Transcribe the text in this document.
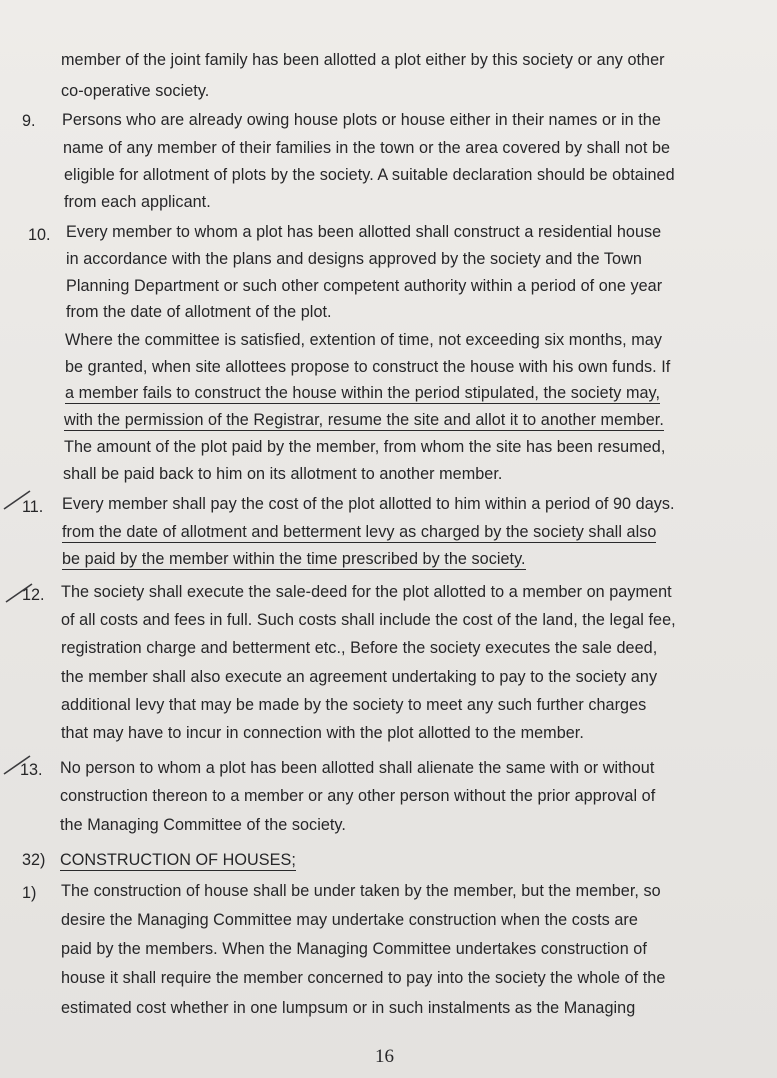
member of the joint family has been allotted a plot either by this society or any other
co-operative society.
9. Persons who are already owing house plots or house either in their names or in the
name of any member of their families in the town or the area covered by shall not be
eligible for allotment of plots by the society. A suitable declaration should be obtained
from each applicant.
10. Every member to whom a plot has been allotted shall construct a residential house
in accordance with the plans and designs approved by the society and the Town
Planning Department or such other competent authority within a period of one year
from the date of allotment of the plot.
Where the committee is satisfied, extention of time, not exceeding six months, may
be granted, when site allottees propose to construct the house with his own funds. If
a member fails to construct the house within the period stipulated, the society may,
with the permission of the Registrar, resume the site and allot it to another member.
The amount of the plot paid by the member, from whom the site has been resumed,
shall be paid back to him on its allotment to another member.
11. Every member shall pay the cost of the plot allotted to him within a period of 90 days.
from the date of allotment and betterment levy as charged by the society shall also
be paid by the member within the time prescribed by the society.
12. The society shall execute the sale-deed for the plot allotted to a member on payment
of all costs and fees in full. Such costs shall include the cost of the land, the legal fee,
registration charge and betterment etc., Before the society executes the sale deed,
the member shall also execute an agreement undertaking to pay to the society any
additional levy that may be made by the society to meet any such further charges
that may have to incur in connection with the plot allotted to the member.
13. No person to whom a plot has been allotted shall alienate the same with or without
construction thereon to a member or any other person without the prior approval of
the Managing Committee of the society.
32) CONSTRUCTION OF HOUSES;
1) The construction of house shall be under taken by the member, but the member, so
desire the Managing Committee may undertake construction when the costs are
paid by the members. When the Managing Committee undertakes construction of
house it shall require the member concerned to pay into the society the whole of the
estimated cost whether in one lumpsum or in such instalments as the Managing
16
